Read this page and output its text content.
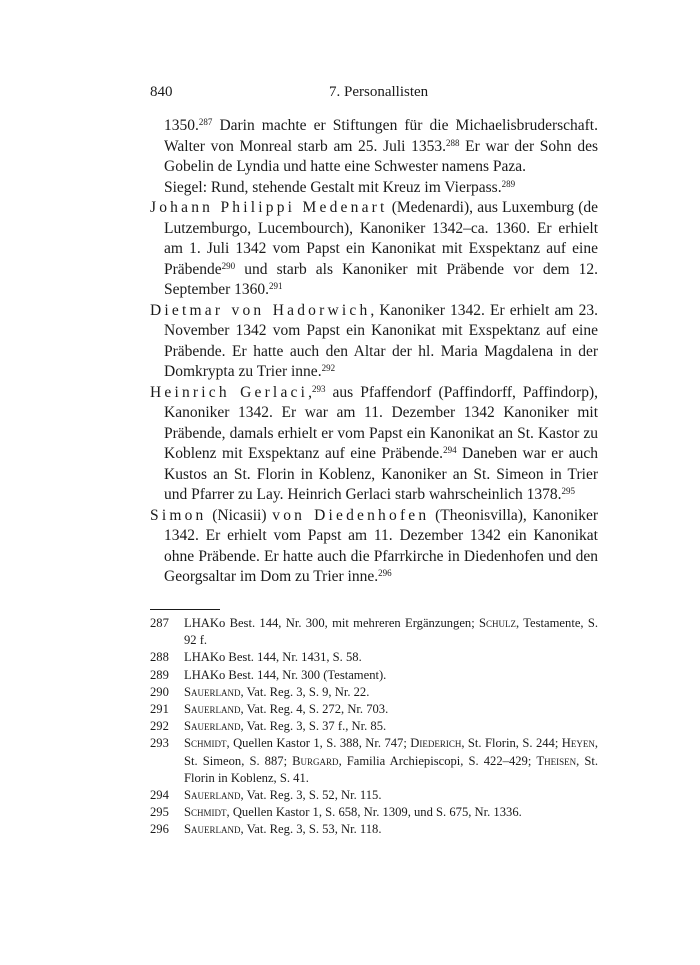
840	7. Personallisten

1350.$^{287}$ Darin machte er Stiftungen für die Michaelisbruderschaft. Walter von Monreal starb am 25. Juli 1353.$^{288}$ Er war der Sohn des Gobelin de Lyndia und hatte eine Schwester namens Paza.

Siegel: Rund, stehende Gestalt mit Kreuz im Vierpass.$^{289}$

Johann Philippi Medenart (Medenardi), aus Luxemburg (de Lutzemburgo, Lucembourch), Kanoniker 1342–ca. 1360. Er erhielt am 1. Juli 1342 vom Papst ein Kanonikat mit Exspektanz auf eine Präbende$^{290}$ und starb als Kanoniker mit Präbende vor dem 12. September 1360.$^{291}$

Dietmar von Hadorwich, Kanoniker 1342. Er erhielt am 23. November 1342 vom Papst ein Kanonikat mit Exspektanz auf eine Präbende. Er hatte auch den Altar der hl. Maria Magdalena in der Domkrypta zu Trier inne.$^{292}$

Heinrich Gerlaci,$^{293}$ aus Pfaffendorf (Paffindorff, Paffindorp), Kanoniker 1342. Er war am 11. Dezember 1342 Kanoniker mit Präbende, damals erhielt er vom Papst ein Kanonikat an St. Kastor zu Koblenz mit Exspektanz auf eine Präbende.$^{294}$ Daneben war er auch Kustos an St. Florin in Koblenz, Kanoniker an St. Simeon in Trier und Pfarrer zu Lay. Heinrich Gerlaci starb wahrscheinlich 1378.$^{295}$

Simon (Nicasii) von Diedenhofen (Theonisvilla), Kanoniker 1342. Er erhielt vom Papst am 11. Dezember 1342 ein Kanonikat ohne Präbende. Er hatte auch die Pfarrkirche in Diedenhofen und den Georgsaltar im Dom zu Trier inne.$^{296}$

287 LHAKo Best. 144, Nr. 300, mit mehreren Ergänzungen; Schulz, Testamente, S. 92 f.
288 LHAKo Best. 144, Nr. 1431, S. 58.
289 LHAKo Best. 144, Nr. 300 (Testament).
290 Sauerland, Vat. Reg. 3, S. 9, Nr. 22.
291 Sauerland, Vat. Reg. 4, S. 272, Nr. 703.
292 Sauerland, Vat. Reg. 3, S. 37 f., Nr. 85.
293 Schmidt, Quellen Kastor 1, S. 388, Nr. 747; Diederich, St. Florin, S. 244; Heyen, St. Simeon, S. 887; Burgard, Familia Archiepiscopi, S. 422–429; Theisen, St. Florin in Koblenz, S. 41.
294 Sauerland, Vat. Reg. 3, S. 52, Nr. 115.
295 Schmidt, Quellen Kastor 1, S. 658, Nr. 1309, und S. 675, Nr. 1336.
296 Sauerland, Vat. Reg. 3, S. 53, Nr. 118.
